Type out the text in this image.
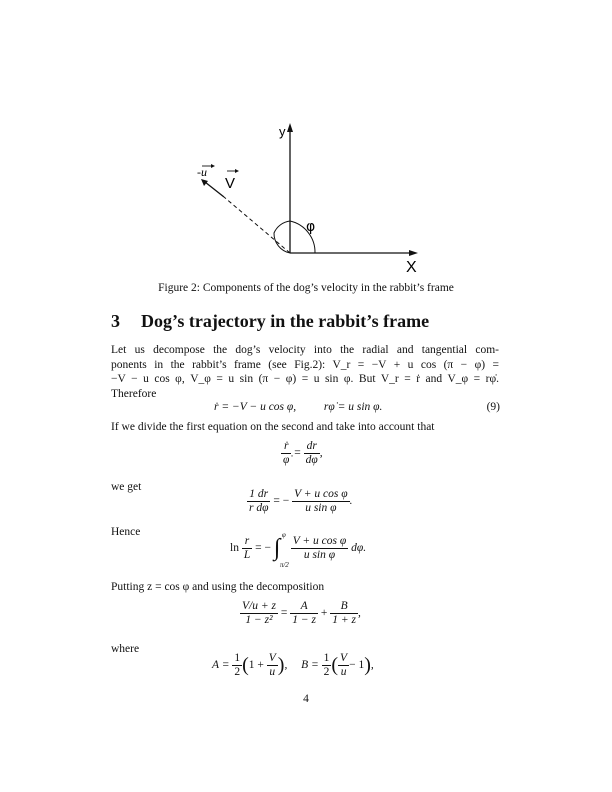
y
X
φ
V
-u
Figure 2: Components of the dog’s velocity in the rabbit’s frame
3 Dog’s trajectory in the rabbit’s frame
Let us decompose the dog’s velocity into the radial and tangential com-
ponents in the rabbit’s frame (see Fig.2): V_r = −V + u cos (π − φ) =
−V − u cos φ, V_φ = u sin (π − φ) = u sin φ. But V_r = ṙ and V_φ = rφ̇.
Therefore
ṙ = −V − u cos φ, rφ̇ = u sin φ.	(9)
If we divide the first equation on the second and take into account that
$\frac{\text{ṙ}}{\varphi̇} = \frac{dr}{d\varphi}$ ,
we get
$\frac{1 dr}{\text{r dφ}}$ = − $\frac{\text{V + u cos φ}}{\text{u sin φ}}$ .
Hence
$\ln \frac{r}{L}$ = − ∫ φ
π/2

$\frac{\text{V + u cos φ}}{\text{u sin φ}} d\varphi$.
Putting z = cos φ and using the decomposition
$\frac{V/u + z}{\text{1 − z²}} = \frac{A}{1 - z} + \frac{B}{1 + z}$ ,
where
$A = \frac{1}{2} (1 + \frac{V}{u}$ ), $B = \frac{1}{2}$ ( $\frac{V}{u} - 1$),
4
